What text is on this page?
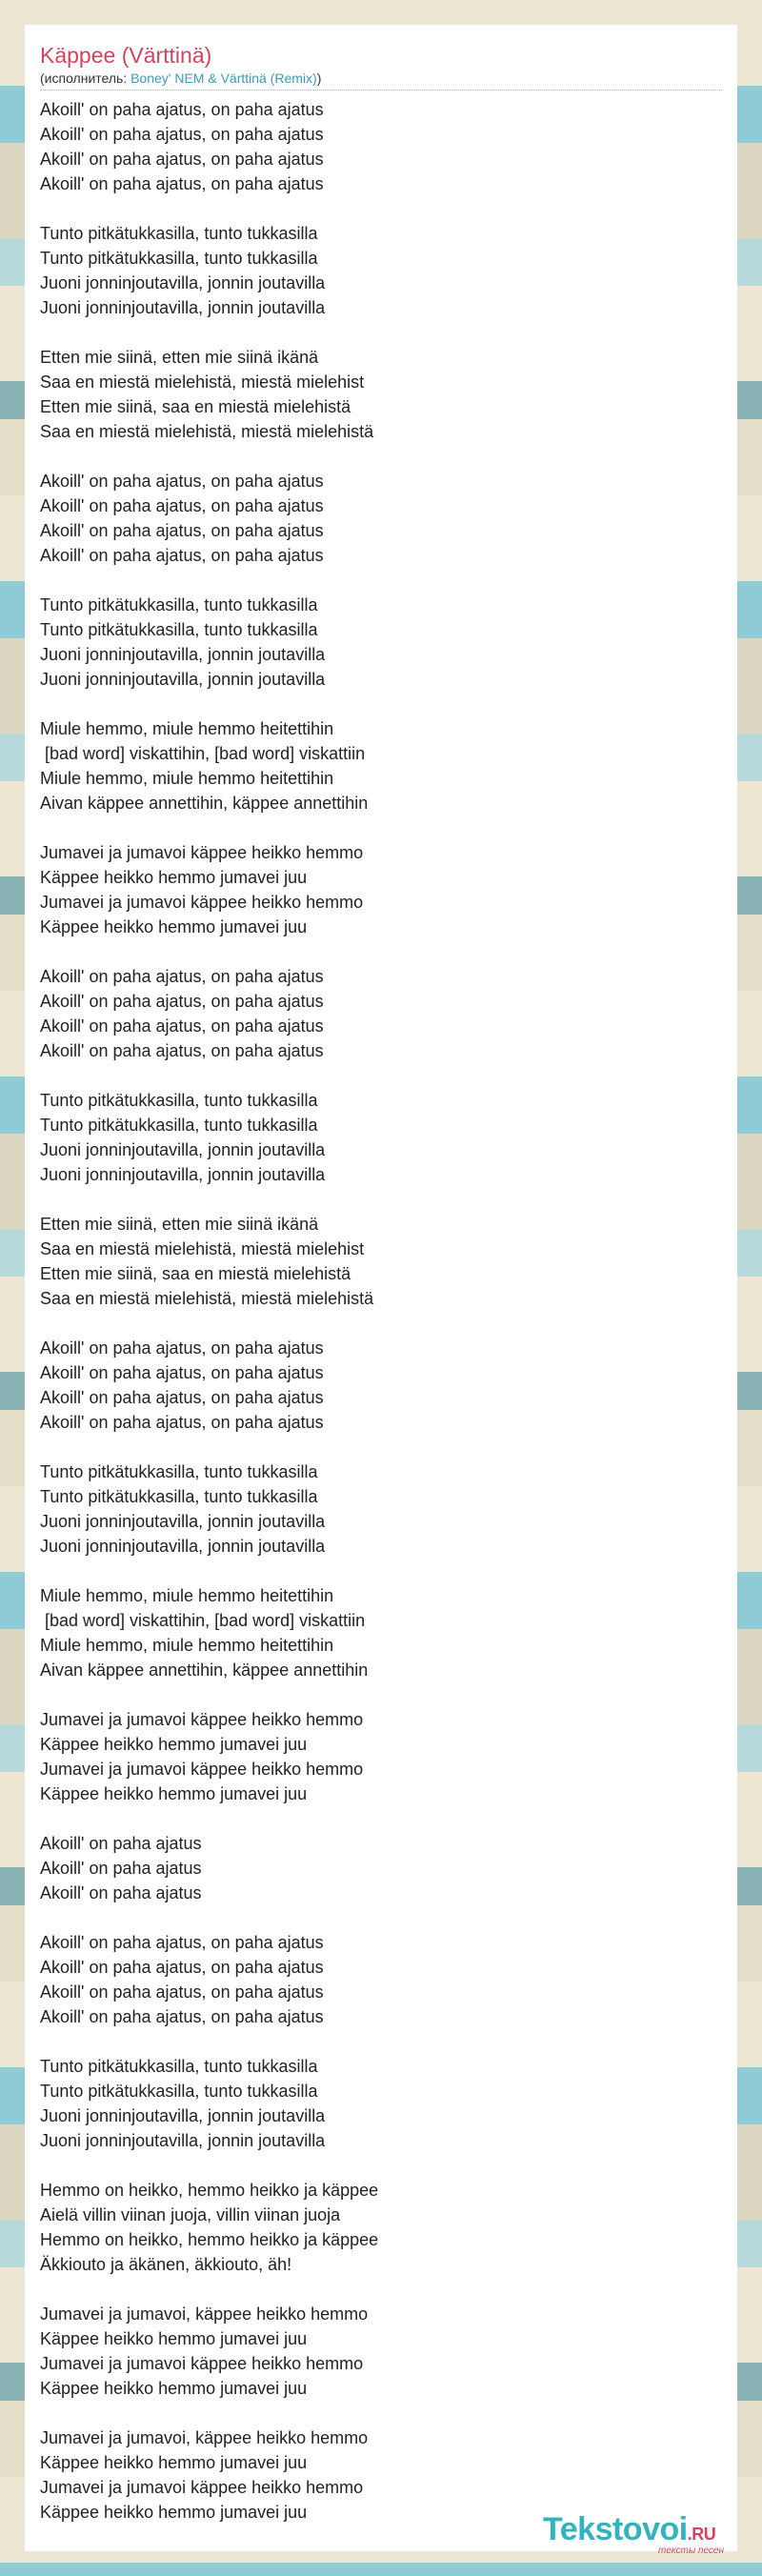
Käppee (Värttinä)
(исполнитель: Boney' NEM & Värttinä (Remix))
Akoill' on paha ajatus, on paha ajatus
Akoill' on paha ajatus, on paha ajatus
Akoill' on paha ajatus, on paha ajatus
Akoill' on paha ajatus, on paha ajatus
Tunto pitkätukkasilla, tunto tukkasilla
Tunto pitkätukkasilla, tunto tukkasilla
Juoni jonninjoutavilla, jonnin joutavilla
Juoni jonninjoutavilla, jonnin joutavilla
Etten mie siinä, etten mie siinä ikänä
Saa en miestä mielehistä, miestä mielehist
Etten mie siinä, saa en miestä mielehistä
Saa en miestä mielehistä, miestä mielehistä
Akoill' on paha ajatus, on paha ajatus
Akoill' on paha ajatus, on paha ajatus
Akoill' on paha ajatus, on paha ajatus
Akoill' on paha ajatus, on paha ajatus
Tunto pitkätukkasilla, tunto tukkasilla
Tunto pitkätukkasilla, tunto tukkasilla
Juoni jonninjoutavilla, jonnin joutavilla
Juoni jonninjoutavilla, jonnin joutavilla
Miule hemmo, miule hemmo heitettihin
[bad word] viskattihin, [bad word] viskattiin
Miule hemmo, miule hemmo heitettihin
Aivan käppee annettihin, käppee annettihin
Jumavei ja jumavoi käppee heikko hemmo
Käppee heikko hemmo jumavei juu
Jumavei ja jumavoi käppee heikko hemmo
Käppee heikko hemmo jumavei juu
Akoill' on paha ajatus, on paha ajatus
Akoill' on paha ajatus, on paha ajatus
Akoill' on paha ajatus, on paha ajatus
Akoill' on paha ajatus, on paha ajatus
Tunto pitkätukkasilla, tunto tukkasilla
Tunto pitkätukkasilla, tunto tukkasilla
Juoni jonninjoutavilla, jonnin joutavilla
Juoni jonninjoutavilla, jonnin joutavilla
Etten mie siinä, etten mie siinä ikänä
Saa en miestä mielehistä, miestä mielehist
Etten mie siinä, saa en miestä mielehistä
Saa en miestä mielehistä, miestä mielehistä
Akoill' on paha ajatus, on paha ajatus
Akoill' on paha ajatus, on paha ajatus
Akoill' on paha ajatus, on paha ajatus
Akoill' on paha ajatus, on paha ajatus
Tunto pitkätukkasilla, tunto tukkasilla
Tunto pitkätukkasilla, tunto tukkasilla
Juoni jonninjoutavilla, jonnin joutavilla
Juoni jonninjoutavilla, jonnin joutavilla
Miule hemmo, miule hemmo heitettihin
[bad word] viskattihin, [bad word] viskattiin
Miule hemmo, miule hemmo heitettihin
Aivan käppee annettihin, käppee annettihin
Jumavei ja jumavoi käppee heikko hemmo
Käppee heikko hemmo jumavei juu
Jumavei ja jumavoi käppee heikko hemmo
Käppee heikko hemmo jumavei juu
Akoill' on paha ajatus
Akoill' on paha ajatus
Akoill' on paha ajatus
Akoill' on paha ajatus, on paha ajatus
Akoill' on paha ajatus, on paha ajatus
Akoill' on paha ajatus, on paha ajatus
Akoill' on paha ajatus, on paha ajatus
Tunto pitkätukkasilla, tunto tukkasilla
Tunto pitkätukkasilla, tunto tukkasilla
Juoni jonninjoutavilla, jonnin joutavilla
Juoni jonninjoutavilla, jonnin joutavilla
Hemmo on heikko, hemmo heikko ja käppee
Aielä villin viinan juoja, villin viinan juoja
Hemmo on heikko, hemmo heikko ja käppee
Äkkiouto ja äkänen, äkkiouto, äh!
Jumavei ja jumavoi, käppee heikko hemmo
Käppee heikko hemmo jumavei juu
Jumavei ja jumavoi käppee heikko hemmo
Käppee heikko hemmo jumavei juu
Jumavei ja jumavoi, käppee heikko hemmo
Käppee heikko hemmo jumavei juu
Jumavei ja jumavoi käppee heikko hemmo
Käppee heikko hemmo jumavei juu	Tekstovoi.RU
тексты песен
